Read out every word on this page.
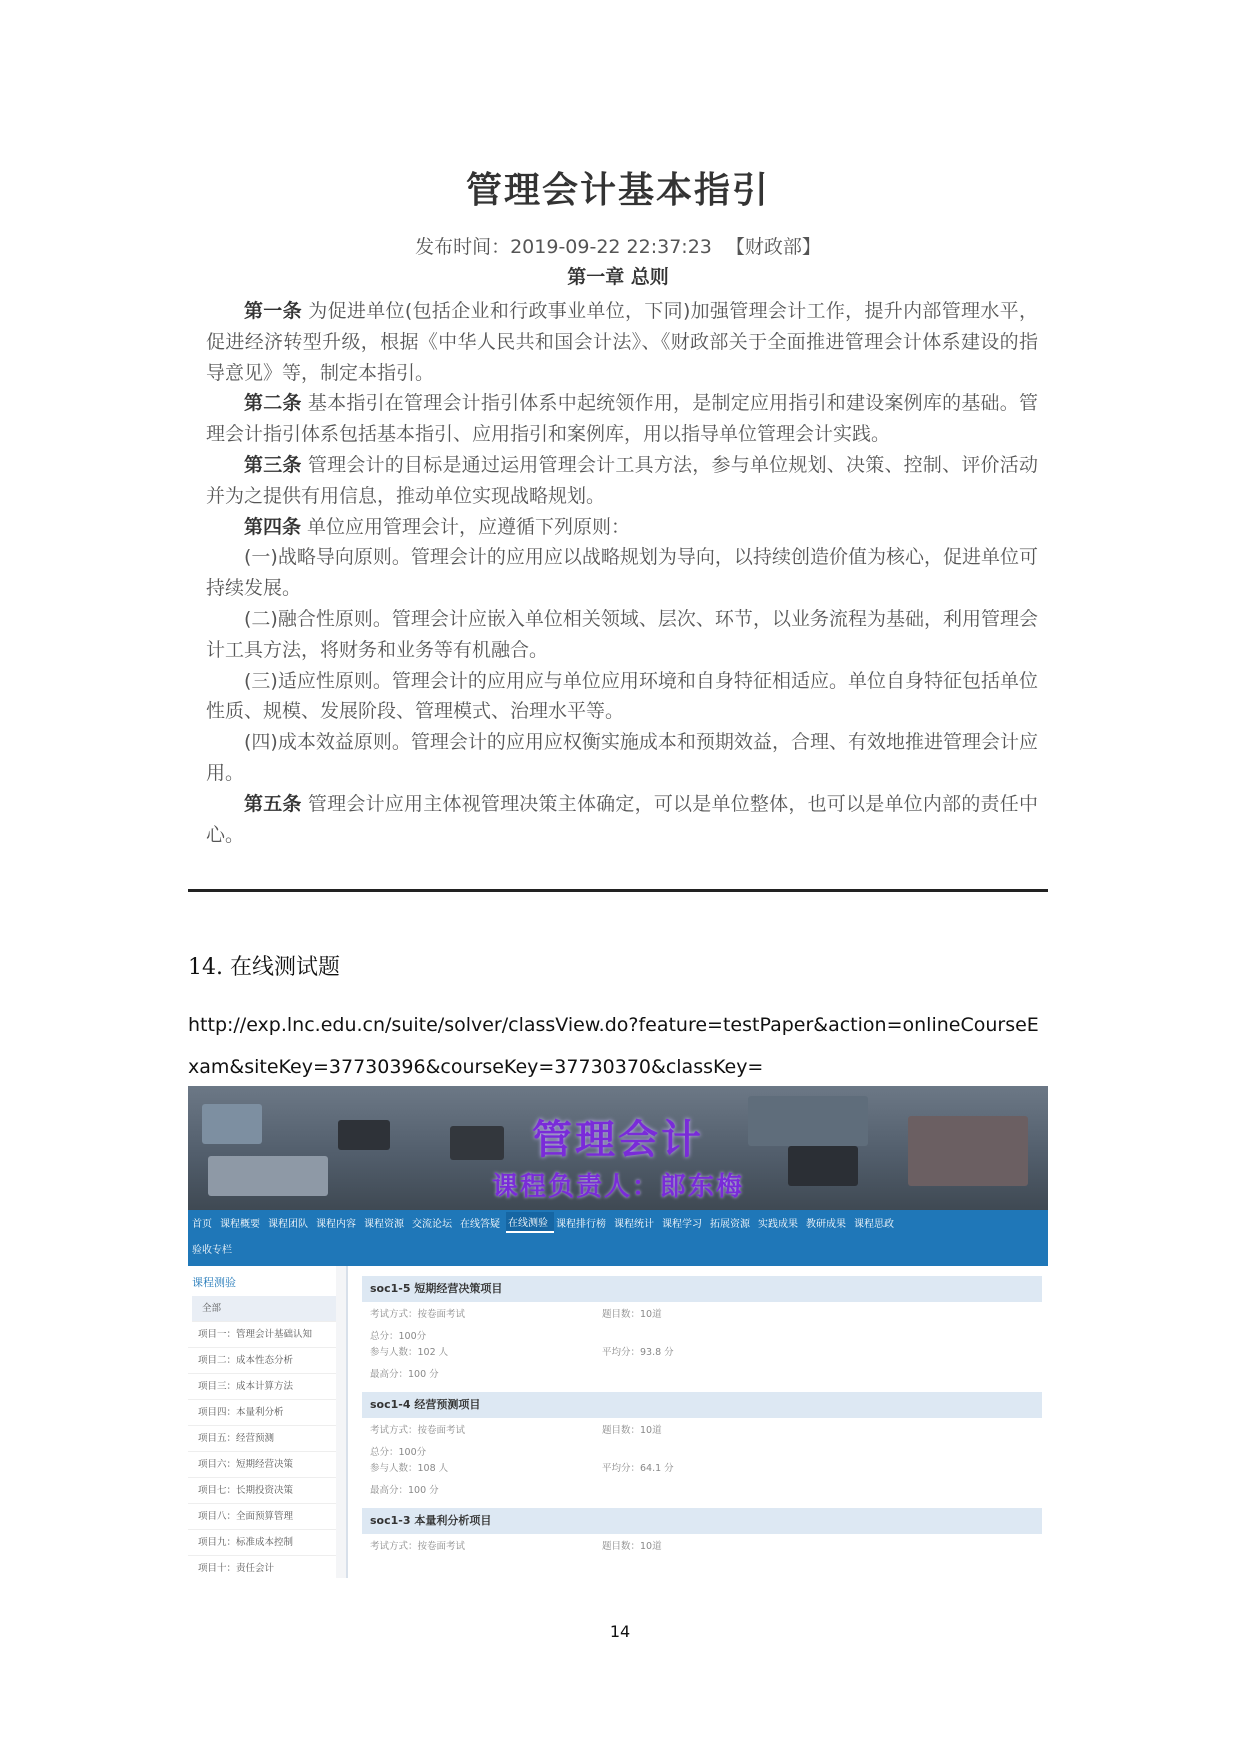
管理会计基本指引
发布时间：2019-09-22 22:37:23 【财政部】
第一章 总则

第一条 为促进单位(包括企业和行政事业单位，下同)加强管理会计工作，提升内部管理水平，促进经济转型升级，根据《中华人民共和国会计法》、《财政部关于全面推进管理会计体系建设的指导意见》等，制定本指引。

第二条 基本指引在管理会计指引体系中起统领作用，是制定应用指引和建设案例库的基础。管理会计指引体系包括基本指引、应用指引和案例库，用以指导单位管理会计实践。

第三条 管理会计的目标是通过运用管理会计工具方法，参与单位规划、决策、控制、评价活动并为之提供有用信息，推动单位实现战略规划。

第四条 单位应用管理会计，应遵循下列原则：

(一)战略导向原则。管理会计的应用应以战略规划为导向，以持续创造价值为核心，促进单位可持续发展。

(二)融合性原则。管理会计应嵌入单位相关领域、层次、环节，以业务流程为基础，利用管理会计工具方法，将财务和业务等有机融合。

(三)适应性原则。管理会计的应用应与单位应用环境和自身特征相适应。单位自身特征包括单位性质、规模、发展阶段、管理模式、治理水平等。

(四)成本效益原则。管理会计的应用应权衡实施成本和预期效益，合理、有效地推进管理会计应用。

第五条 管理会计应用主体视管理决策主体确定，可以是单位整体，也可以是单位内部的责任中心。

14. 在线测试题
http://exp.lnc.edu.cn/suite/solver/classView.do?feature=testPaper&action=onlineCourseExam&siteKey=37730396&courseKey=37730370&classKey=
管理会计
课程负责人：郎东梅
首页 课程概要 课程团队 课程内容 课程资源 交流论坛 在线答疑 在线测验 课程排行榜 课程统计 课程学习 拓展资源 实践成果 教研成果 课程思政
验收专栏
课程测验
全部
项目一：管理会计基础认知
项目二：成本性态分析
项目三：成本计算方法
项目四：本量利分析
项目五：经营预测
项目六：短期经营决策
项目七：长期投资决策
项目八：全面预算管理
项目九：标准成本控制
项目十：责任会计
soc1-5 短期经营决策项目
考试方式：按卷面考试	题目数：10道
总分：100分
参与人数：102 人	平均分：93.8 分
最高分：100 分
soc1-4 经营预测项目
考试方式：按卷面考试	题目数：10道
总分：100分
参与人数：108 人	平均分：64.1 分
最高分：100 分
soc1-3 本量利分析项目
考试方式：按卷面考试	题目数：10道
14
